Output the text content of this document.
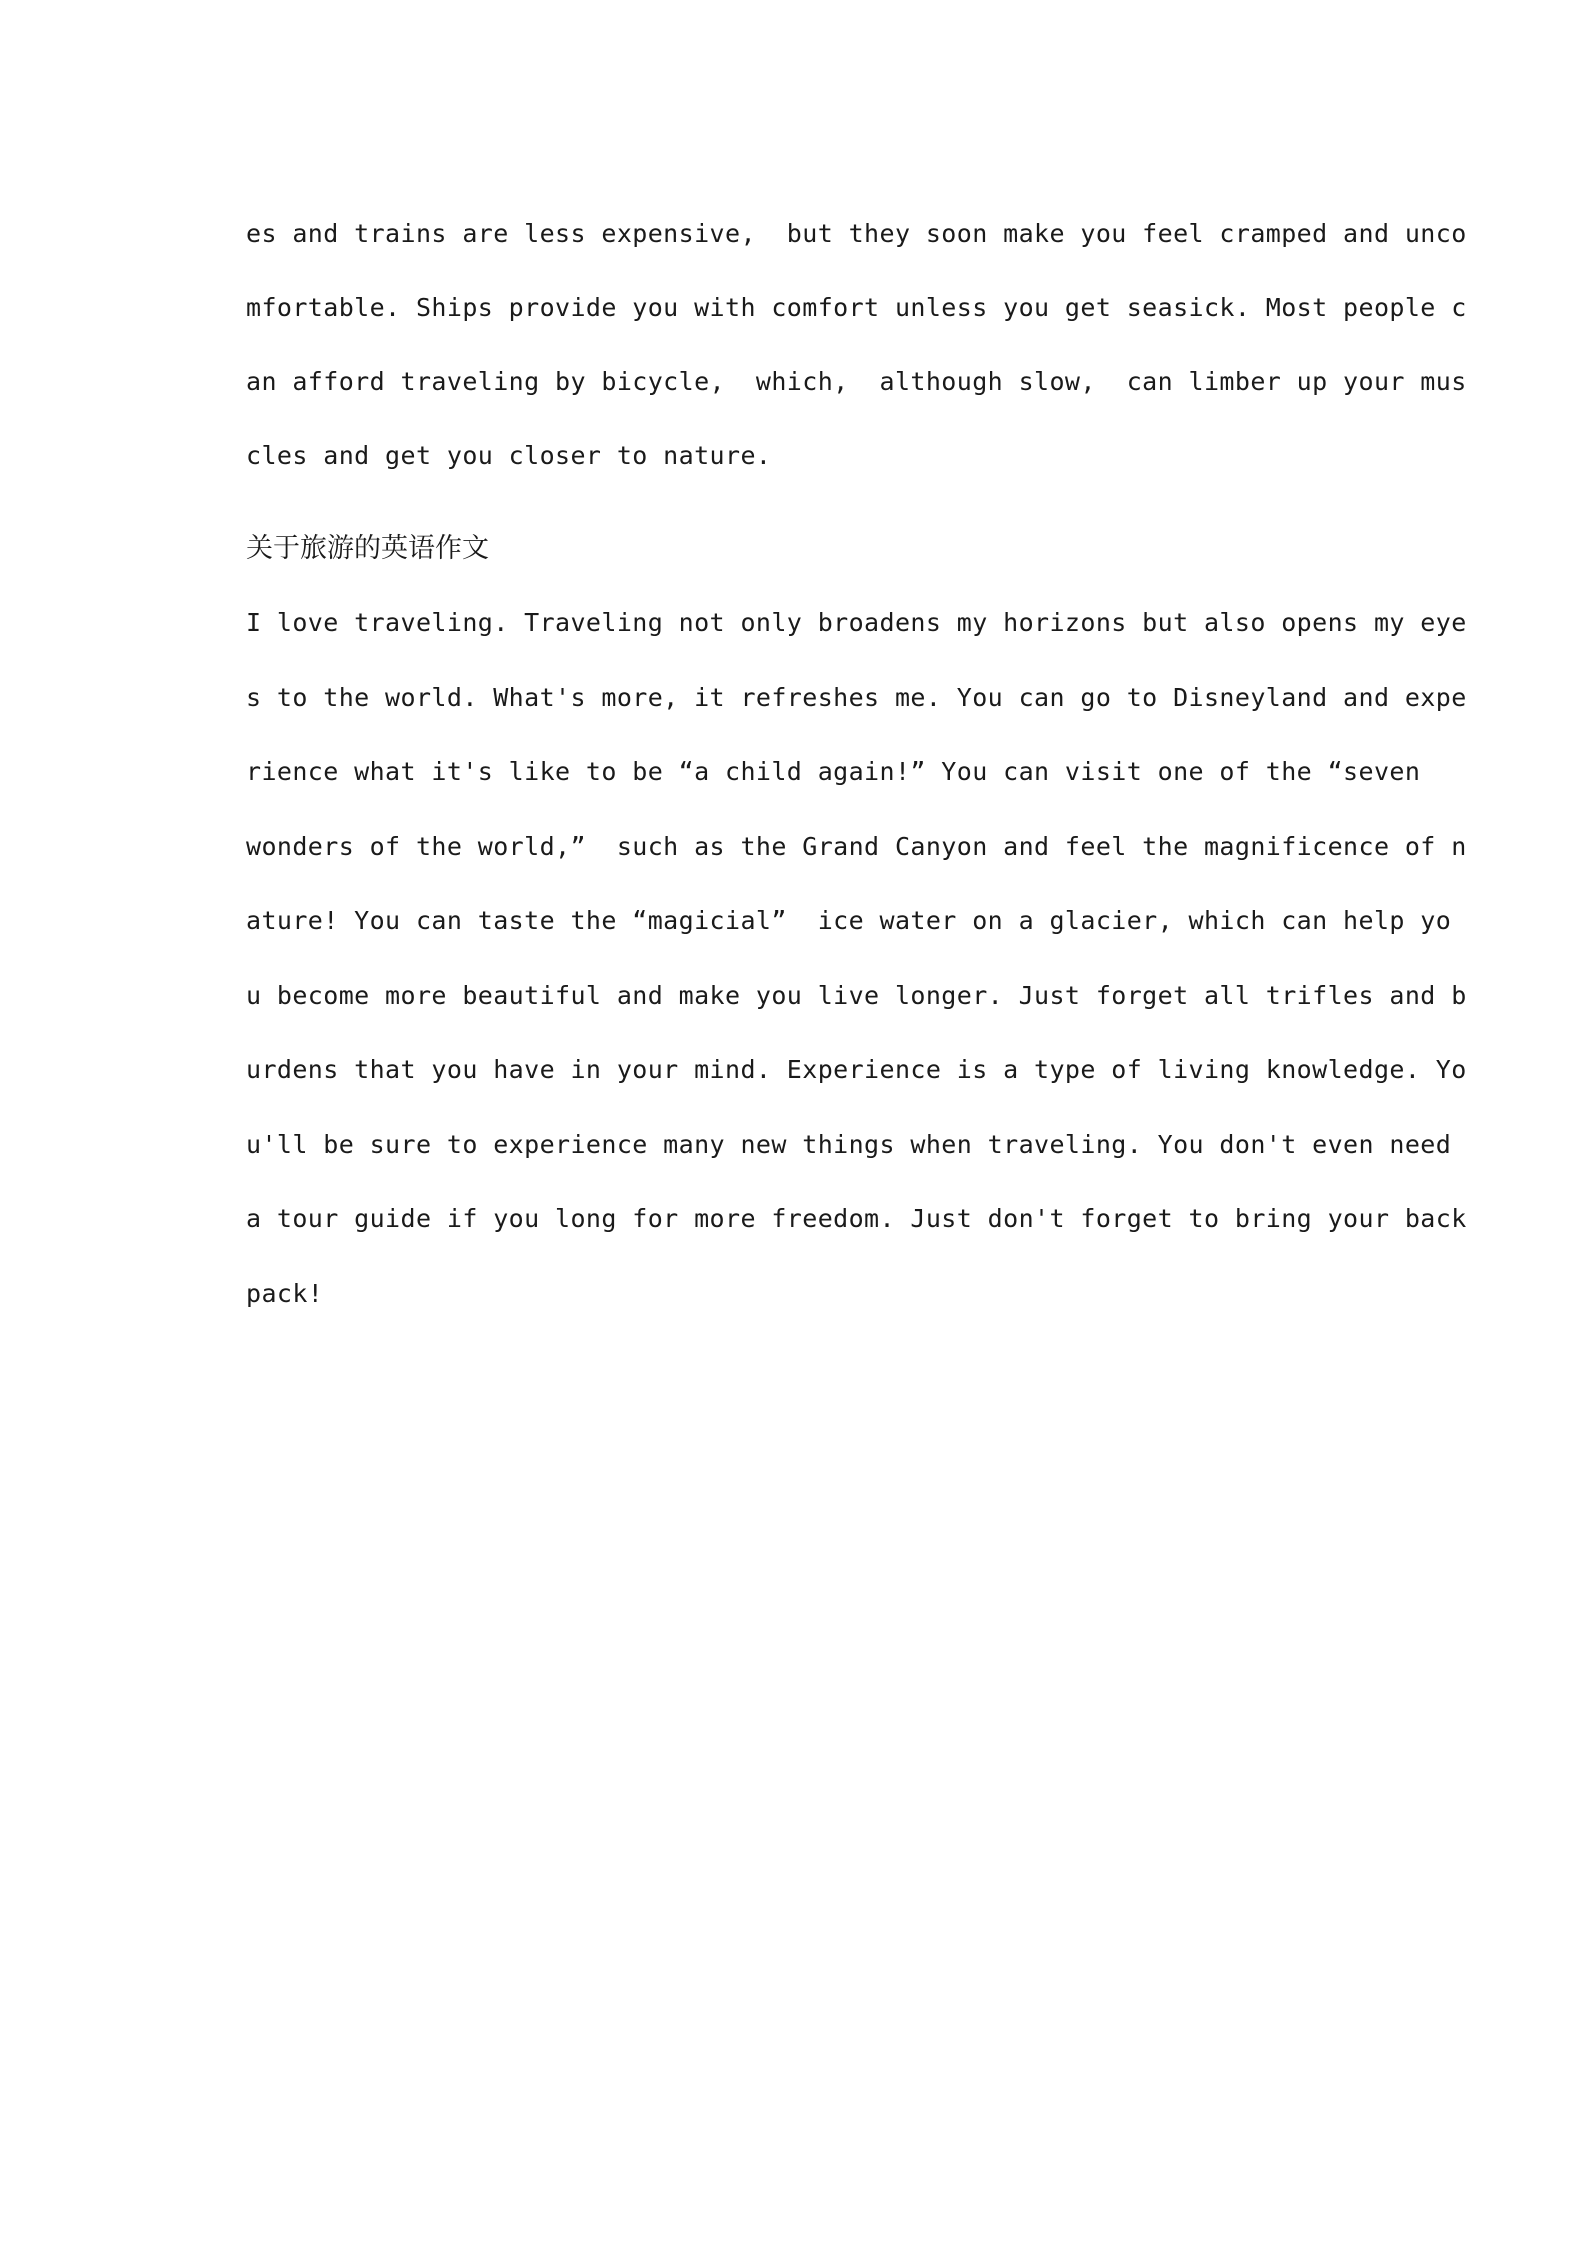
es and trains are less expensive,  but they soon make you feel cramped and unco

mfortable. Ships provide you with comfort unless you get seasick. Most people c

an afford traveling by bicycle,  which,  although slow,  can limber up your mus

cles and get you closer to nature.

关于旅游的英语作文

I love traveling. Traveling not only broadens my horizons but also opens my eye

s to the world. What's more, it refreshes me. You can go to Disneyland and expe

rience what it's like to be “a child again!” You can visit one of the “seven

wonders of the world,”  such as the Grand Canyon and feel the magnificence of n

ature! You can taste the “magicial”  ice water on a glacier, which can help yo

u become more beautiful and make you live longer. Just forget all trifles and b

urdens that you have in your mind. Experience is a type of living knowledge. Yo

u'll be sure to experience many new things when traveling. You don't even need

a tour guide if you long for more freedom. Just don't forget to bring your back

pack!
